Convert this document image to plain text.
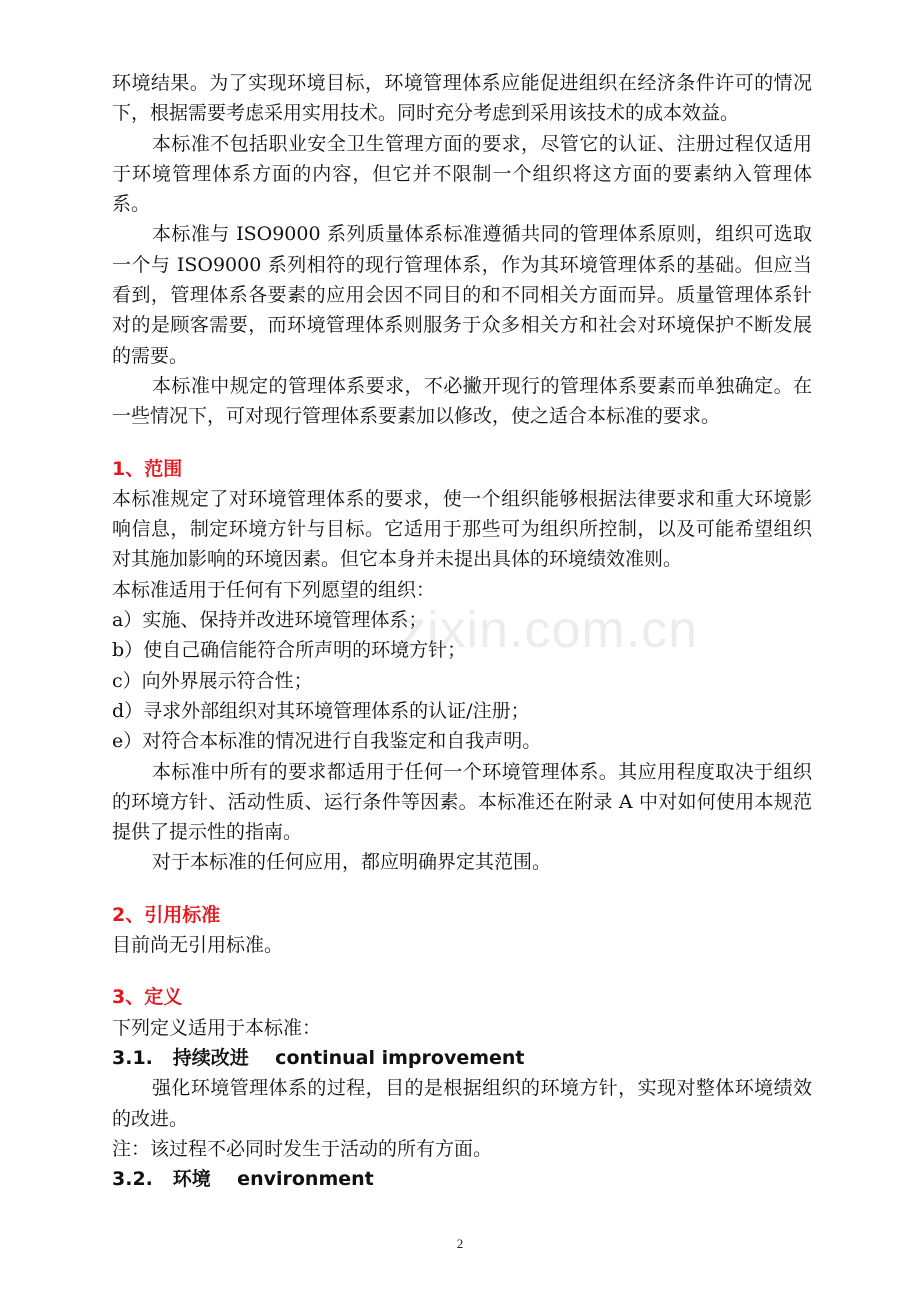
zixin.com.cn

环境结果。为了实现环境目标，环境管理体系应能促进组织在经济条件许可的情况下，根据需要考虑采用实用技术。同时充分考虑到采用该技术的成本效益。

本标准不包括职业安全卫生管理方面的要求，尽管它的认证、注册过程仅适用于环境管理体系方面的内容，但它并不限制一个组织将这方面的要素纳入管理体系。

本标准与 ISO9000 系列质量体系标准遵循共同的管理体系原则，组织可选取一个与 ISO9000 系列相符的现行管理体系，作为其环境管理体系的基础。但应当看到，管理体系各要素的应用会因不同目的和不同相关方面而异。质量管理体系针对的是顾客需要，而环境管理体系则服务于众多相关方和社会对环境保护不断发展的需要。

本标准中规定的管理体系要求，不必撇开现行的管理体系要素而单独确定。在一些情况下，可对现行管理体系要素加以修改，使之适合本标准的要求。

1、范围

本标准规定了对环境管理体系的要求，使一个组织能够根据法律要求和重大环境影响信息，制定环境方针与目标。它适用于那些可为组织所控制，以及可能希望组织对其施加影响的环境因素。但它本身并未提出具体的环境绩效准则。

本标准适用于任何有下列愿望的组织：

a）实施、保持并改进环境管理体系；

b）使自己确信能符合所声明的环境方针；

c）向外界展示符合性；

d）寻求外部组织对其环境管理体系的认证/注册；

e）对符合本标准的情况进行自我鉴定和自我声明。

本标准中所有的要求都适用于任何一个环境管理体系。其应用程度取决于组织的环境方针、活动性质、运行条件等因素。本标准还在附录 A 中对如何使用本规范提供了提示性的指南。

对于本标准的任何应用，都应明确界定其范围。

2、引用标准

目前尚无引用标准。

3、定义

下列定义适用于本标准：

3.1.   持续改进    continual improvement

强化环境管理体系的过程，目的是根据组织的环境方针，实现对整体环境绩效的改进。

注：该过程不必同时发生于活动的所有方面。

3.2.   环境    environment

2
